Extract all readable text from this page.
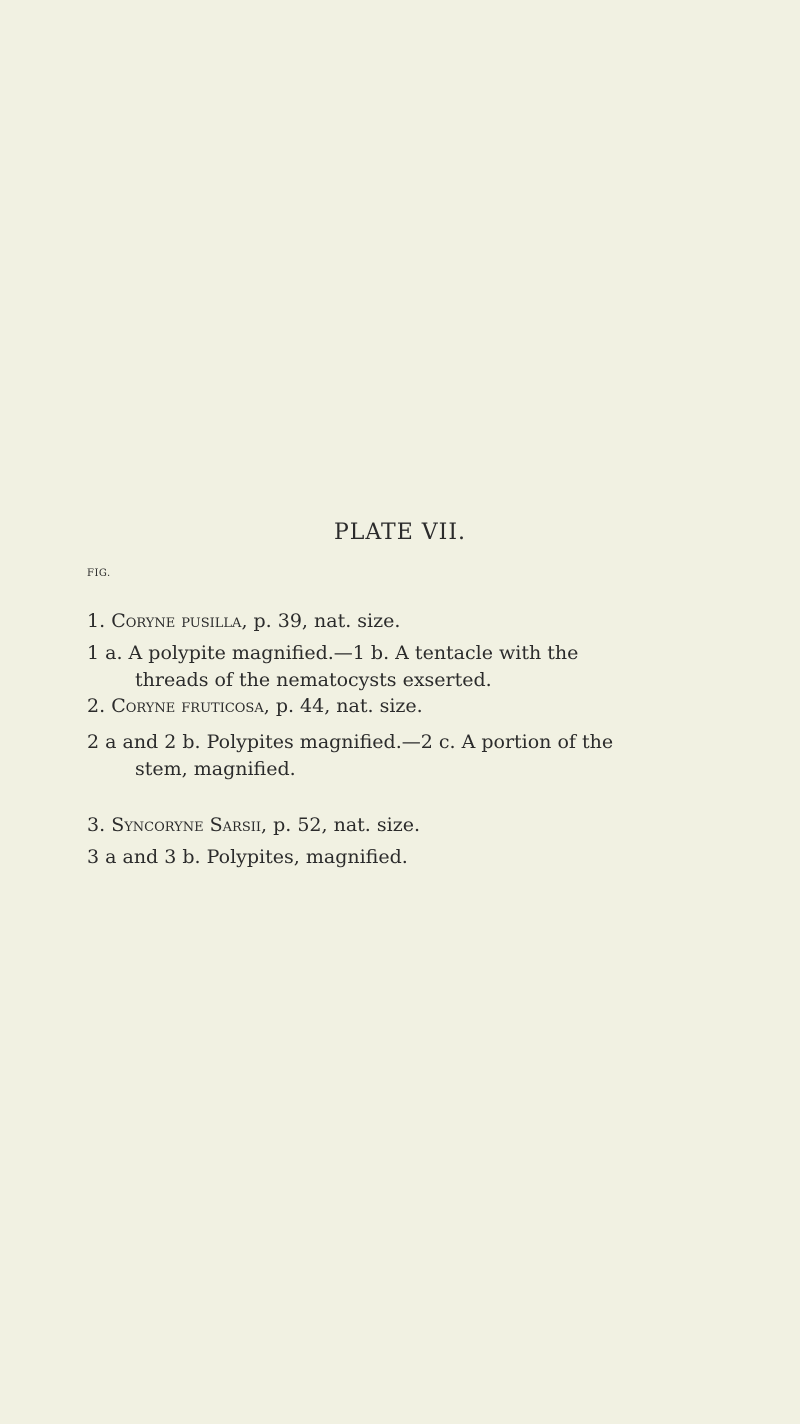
PLATE VII.
FIG.
1. Coryne pusilla, p. 39, nat. size.
1 a. A polypite magnified.—1 b. A tentacle with the
threads of the nematocysts exserted.
2. Coryne fruticosa, p. 44, nat. size.
2 a and 2 b. Polypites magnified.—2 c. A portion of the
stem, magnified.
3. Syncoryne Sarsii, p. 52, nat. size.
3 a and 3 b. Polypites, magnified.
